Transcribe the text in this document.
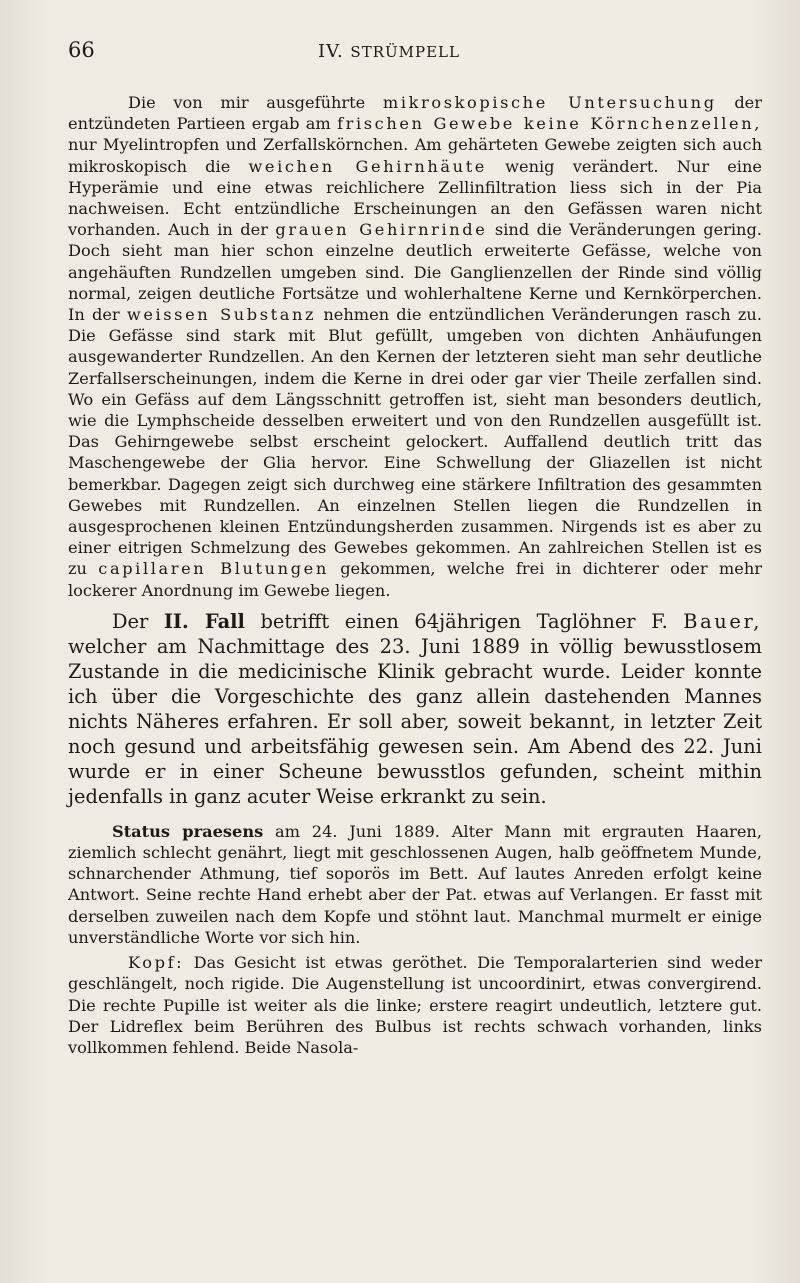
66	IV. STRÜMPELL

Die von mir ausgeführte mikroskopische Untersuchung der entzündeten Partieen ergab am frischen Gewebe keine Körnchenzellen, nur Myelintropfen und Zerfallskörnchen. Am gehärteten Gewebe zeigten sich auch mikroskopisch die weichen Gehirnhäute wenig verändert. Nur eine Hyperämie und eine etwas reichlichere Zellinfiltration liess sich in der Pia nachweisen. Echt entzündliche Erscheinungen an den Gefässen waren nicht vorhanden. Auch in der grauen Gehirnrinde sind die Veränderungen gering. Doch sieht man hier schon einzelne deutlich erweiterte Gefässe, welche von angehäuften Rundzellen umgeben sind. Die Ganglienzellen der Rinde sind völlig normal, zeigen deutliche Fortsätze und wohlerhaltene Kerne und Kernkörperchen. In der weissen Substanz nehmen die entzündlichen Veränderungen rasch zu. Die Gefässe sind stark mit Blut gefüllt, umgeben von dichten Anhäufungen ausgewanderter Rundzellen. An den Kernen der letzteren sieht man sehr deutliche Zerfallserscheinungen, indem die Kerne in drei oder gar vier Theile zerfallen sind. Wo ein Gefäss auf dem Längsschnitt getroffen ist, sieht man besonders deutlich, wie die Lymphscheide desselben erweitert und von den Rundzellen ausgefüllt ist. Das Gehirngewebe selbst erscheint gelockert. Auffallend deutlich tritt das Maschengewebe der Glia hervor. Eine Schwellung der Gliazellen ist nicht bemerkbar. Dagegen zeigt sich durchweg eine stärkere Infiltration des gesammten Gewebes mit Rundzellen. An einzelnen Stellen liegen die Rundzellen in ausgesprochenen kleinen Entzündungsherden zusammen. Nirgends ist es aber zu einer eitrigen Schmelzung des Gewebes gekommen. An zahlreichen Stellen ist es zu capillaren Blutungen gekommen, welche frei in dichterer oder mehr lockerer Anordnung im Gewebe liegen.

Der II. Fall betrifft einen 64jährigen Taglöhner F. Bauer, welcher am Nachmittage des 23. Juni 1889 in völlig bewusstlosem Zustande in die medicinische Klinik gebracht wurde. Leider konnte ich über die Vorgeschichte des ganz allein dastehenden Mannes nichts Näheres erfahren. Er soll aber, soweit bekannt, in letzter Zeit noch gesund und arbeitsfähig gewesen sein. Am Abend des 22. Juni wurde er in einer Scheune bewusstlos gefunden, scheint mithin jedenfalls in ganz acuter Weise erkrankt zu sein.

Status praesens am 24. Juni 1889. Alter Mann mit ergrauten Haaren, ziemlich schlecht genährt, liegt mit geschlossenen Augen, halb geöffnetem Munde, schnarchender Athmung, tief soporös im Bett. Auf lautes Anreden erfolgt keine Antwort. Seine rechte Hand erhebt aber der Pat. etwas auf Verlangen. Er fasst mit derselben zuweilen nach dem Kopfe und stöhnt laut. Manchmal murmelt er einige unverständliche Worte vor sich hin.

Kopf: Das Gesicht ist etwas geröthet. Die Temporalarterien sind weder geschlängelt, noch rigide. Die Augenstellung ist uncoordinirt, etwas convergirend. Die rechte Pupille ist weiter als die linke; erstere reagirt undeutlich, letztere gut. Der Lidreflex beim Berühren des Bulbus ist rechts schwach vorhanden, links vollkommen fehlend. Beide Nasola-
